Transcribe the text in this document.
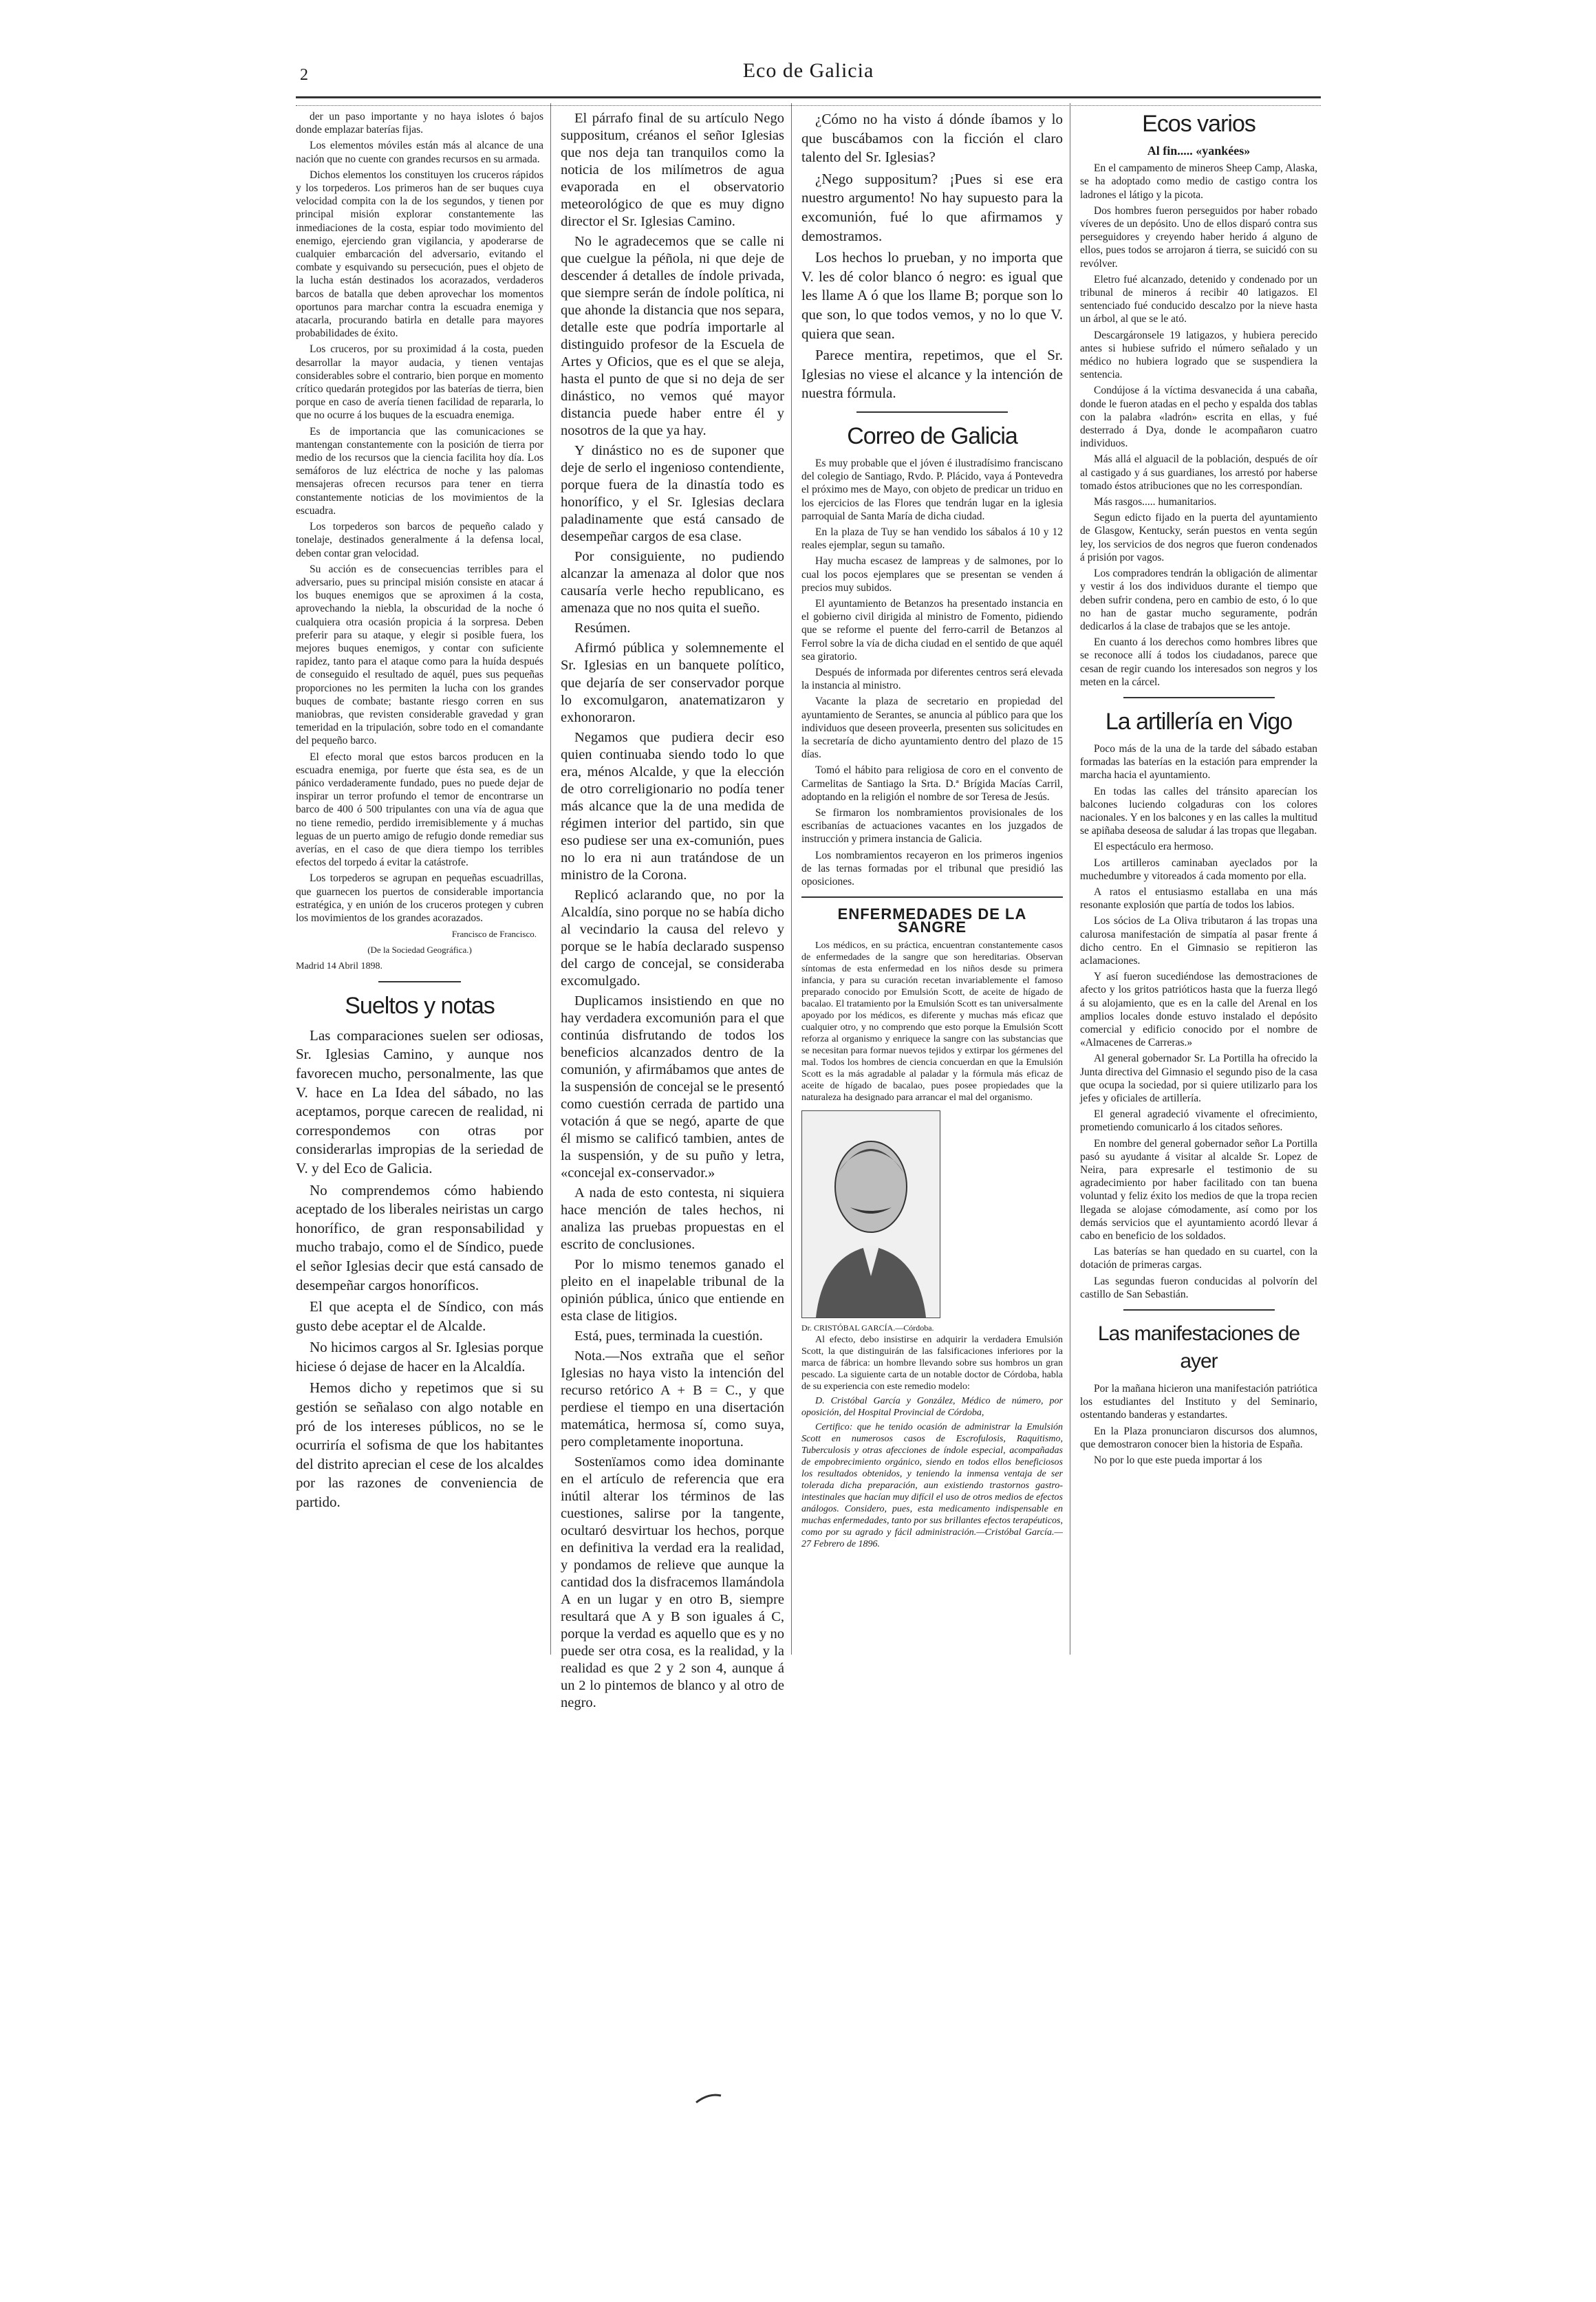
2	Eco de Galicia

der un paso importante y no haya islotes ó bajos donde emplazar baterías fijas.

Los elementos móviles están más al alcance de una nación que no cuente con grandes recursos en su armada.

Dichos elementos los constituyen los cruceros rápidos y los torpederos. Los primeros han de ser buques cuya velocidad compita con la de los segundos, y tienen por principal misión explorar constantemente las inmediaciones de la costa, espiar todo movimiento del enemigo, ejerciendo gran vigilancia, y apoderarse de cualquier embarcación del adversario, evitando el combate y esquivando su persecución, pues el objeto de la lucha están destinados los acorazados, verdaderos barcos de batalla que deben aprovechar los momentos oportunos para marchar contra la escuadra enemiga y atacarla, procurando batirla en detalle para mayores probabilidades de éxito.

Los cruceros, por su proximidad á la costa, pueden desarrollar la mayor audacia, y tienen ventajas considerables sobre el contrario, bien porque en momento crítico quedarán protegidos por las baterías de tierra, bien porque en caso de avería tienen facilidad de repararla, lo que no ocurre á los buques de la escuadra enemiga.

Es de importancia que las comunicaciones se mantengan constantemente con la posición de tierra por medio de los recursos que la ciencia facilita hoy día. Los semáforos de luz eléctrica de noche y las palomas mensajeras ofrecen recursos para tener en tierra constantemente noticias de los movimientos de la escuadra.

Los torpederos son barcos de pequeño calado y tonelaje, destinados generalmente á la defensa local, deben contar gran velocidad.

Su acción es de consecuencias terribles para el adversario, pues su principal misión consiste en atacar á los buques enemigos que se aproximen á la costa, aprovechando la niebla, la obscuridad de la noche ó cualquiera otra ocasión propicia á la sorpresa. Deben preferir para su ataque, y elegir si posible fuera, los mejores buques enemigos, y contar con suficiente rapidez, tanto para el ataque como para la huída después de conseguido el resultado de aquél, pues sus pequeñas proporciones no les permiten la lucha con los grandes buques de combate; bastante riesgo corren en sus maniobras, que revisten considerable gravedad y gran temeridad en la tripulación, sobre todo en el comandante del pequeño barco.

El efecto moral que estos barcos producen en la escuadra enemiga, por fuerte que ésta sea, es de un pánico verdaderamente fundado, pues no puede dejar de inspirar un terror profundo el temor de encontrarse un barco de 400 ó 500 tripulantes con una vía de agua que no tiene remedio, perdido irremisiblemente y á muchas leguas de un puerto amigo de refugio donde remediar sus averías, en el caso de que diera tiempo los terribles efectos del torpedo á evitar la catástrofe.

Los torpederos se agrupan en pequeñas escuadrillas, que guarnecen los puertos de considerable importancia estratégica, y en unión de los cruceros protegen y cubren los movimientos de los grandes acorazados.

Francisco de Francisco.
(De la Sociedad Geográfica.)
Madrid 14 Abril 1898.
Sueltos y notas

Las comparaciones suelen ser odiosas, Sr. Iglesias Camino, y aunque nos favorecen mucho, personalmente, las que V. hace en La Idea del sábado, no las aceptamos, porque carecen de realidad, ni correspondemos con otras por considerarlas impropias de la seriedad de V. y del Eco de Galicia.

No comprendemos cómo habiendo aceptado de los liberales neiristas un cargo honorífico, de gran responsabilidad y mucho trabajo, como el de Síndico, puede el señor Iglesias decir que está cansado de desempeñar cargos honoríficos.

El que acepta el de Síndico, con más gusto debe aceptar el de Alcalde.

No hicimos cargos al Sr. Iglesias porque hiciese ó dejase de hacer en la Alcaldía.

Hemos dicho y repetimos que si su gestión se señalaso con algo notable en pró de los intereses públicos, no se le ocurriría el sofisma de que los habitantes del distrito aprecian el cese de los alcaldes por las razones de conveniencia de partido.

El párrafo final de su artículo Nego suppositum, créanos el señor Iglesias que nos deja tan tranquilos como la noticia de los milímetros de agua evaporada en el observatorio meteorológico de que es muy digno director el Sr. Iglesias Camino.

No le agradecemos que se calle ni que cuelgue la péñola, ni que deje de descender á detalles de índole privada, que siempre serán de índole política, ni que ahonde la distancia que nos separa, detalle este que podría importarle al distinguido profesor de la Escuela de Artes y Oficios, que es el que se aleja, hasta el punto de que si no deja de ser dinástico, no vemos qué mayor distancia puede haber entre él y nosotros de la que ya hay.

Y dinástico no es de suponer que deje de serlo el ingenioso contendiente, porque fuera de la dinastía todo es honorífico, y el Sr. Iglesias declara paladinamente que está cansado de desempeñar cargos de esa clase.

Por consiguiente, no pudiendo alcanzar la amenaza al dolor que nos causaría verle hecho republicano, es amenaza que no nos quita el sueño.

Resúmen.

Afirmó pública y solemnemente el Sr. Iglesias en un banquete político, que dejaría de ser conservador porque lo excomulgaron, anatematizaron y exhonoraron.

Negamos que pudiera decir eso quien continuaba siendo todo lo que era, ménos Alcalde, y que la elección de otro correligionario no podía tener más alcance que la de una medida de régimen interior del partido, sin que eso pudiese ser una ex-comunión, pues no lo era ni aun tratándose de un ministro de la Corona.

Replicó aclarando que, no por la Alcaldía, sino porque no se había dicho al vecindario la causa del relevo y porque se le había declarado suspenso del cargo de concejal, se consideraba excomulgado.

Duplicamos insistiendo en que no hay verdadera excomunión para el que continúa disfrutando de todos los beneficios alcanzados dentro de la comunión, y afirmábamos que antes de la suspensión de concejal se le presentó como cuestión cerrada de partido una votación á que se negó, aparte de que él mismo se calificó tambien, antes de la suspensión, y de su puño y letra, «concejal ex-conservador.»

A nada de esto contesta, ni siquiera hace mención de tales hechos, ni analiza las pruebas propuestas en el escrito de conclusiones.

Por lo mismo tenemos ganado el pleito en el inapelable tribunal de la opinión pública, único que entiende en esta clase de litigios.

Está, pues, terminada la cuestión.

Nota.—Nos extraña que el señor Iglesias no haya visto la intención del recurso retórico A + B = C., y que perdiese el tiempo en una disertación matemática, hermosa sí, como suya, pero completamente inoportuna.

Sostenïamos como idea dominante en el artículo de referencia que era inútil alterar los términos de las cuestiones, salirse por la tangente, ocultaró desvirtuar los hechos, porque en definitiva la verdad era la realidad, y pondamos de relieve que aunque la cantidad dos la disfracemos llamándola A en un lugar y en otro B, siempre resultará que A y B son iguales á C, porque la verdad es aquello que es y no puede ser otra cosa, es la realidad, y la realidad es que 2 y 2 son 4, aunque á un 2 lo pintemos de blanco y al otro de negro.

¿Cómo no ha visto á dónde íbamos y lo que buscábamos con la ficción el claro talento del Sr. Iglesias?

¿Nego suppositum? ¡Pues si ese era nuestro argumento! No hay supuesto para la excomunión, fué lo que afirmamos y demostramos.

Los hechos lo prueban, y no importa que V. les dé color blanco ó negro: es igual que les llame A ó que los llame B; porque son lo que son, lo que todos vemos, y no lo que V. quiera que sean.

Parece mentira, repetimos, que el Sr. Iglesias no viese el alcance y la intención de nuestra fórmula.

Correo de Galicia

Es muy probable que el jóven é ilustradísimo franciscano del colegio de Santiago, Rvdo. P. Plácido, vaya á Pontevedra el próximo mes de Mayo, con objeto de predicar un triduo en los ejercicios de las Flores que tendrán lugar en la iglesia parroquial de Santa María de dicha ciudad.

En la plaza de Tuy se han vendido los sábalos á 10 y 12 reales ejemplar, segun su tamaño.

Hay mucha escasez de lampreas y de salmones, por lo cual los pocos ejemplares que se presentan se venden á precios muy subidos.

El ayuntamiento de Betanzos ha presentado instancia en el gobierno civil dirigida al ministro de Fomento, pidiendo que se reforme el puente del ferro-carril de Betanzos al Ferrol sobre la vía de dicha ciudad en el sentido de que aquél sea giratorio.

Después de informada por diferentes centros será elevada la instancia al ministro.

Vacante la plaza de secretario en propiedad del ayuntamiento de Serantes, se anuncia al público para que los individuos que deseen proveerla, presenten sus solicitudes en la secretaría de dicho ayuntamiento dentro del plazo de 15 días.

Tomó el hábito para religiosa de coro en el convento de Carmelitas de Santiago la Srta. D.ª Brígida Macías Carril, adoptando en la religión el nombre de sor Teresa de Jesús.

Se firmaron los nombramientos provisionales de los escribanías de actuaciones vacantes en los juzgados de instrucción y primera instancia de Galicia.

Los nombramientos recayeron en los primeros ingenios de las ternas formadas por el tribunal que presidió las oposiciones.

ENFERMEDADES DE LA SANGRE

Los médicos, en su práctica, encuentran constantemente casos de enfermedades de la sangre que son hereditarias. Observan síntomas de esta enfermedad en los niños desde su primera infancia, y para su curación recetan invariablemente el famoso preparado conocido por Emulsión Scott, de aceite de hígado de bacalao. El tratamiento por la Emulsión Scott es tan universalmente apoyado por los médicos, es diferente y muchas más eficaz que cualquier otro, y no comprendo que esto porque la Emulsión Scott reforza al organismo y enriquece la sangre con las substancias que se necesitan para formar nuevos tejidos y extirpar los gérmenes del mal. Todos los hombres de ciencia concuerdan en que la Emulsión Scott es la más agradable al paladar y la fórmula más eficaz de aceite de hígado de bacalao, pues posee propiedades que la naturaleza ha designado para arrancar el mal del organismo.

Dr. CRISTÓBAL GARCÍA.—Córdoba.

Al efecto, debo insistirse en adquirir la verdadera Emulsión Scott, la que distinguirán de las falsificaciones inferiores por la marca de fábrica: un hombre llevando sobre sus hombros un gran pescado. La siguiente carta de un notable doctor de Córdoba, habla de su experiencia con este remedio modelo:

D. Cristóbal García y González, Médico de número, por oposición, del Hospital Provincial de Córdoba,

Certifico: que he tenido ocasión de administrar la Emulsión Scott en numerosos casos de Escrofulosis, Raquitismo, Tuberculosis y otras afecciones de índole especial, acompañadas de empobrecimiento orgánico, siendo en todos ellos beneficiosos los resultados obtenidos, y teniendo la inmensa ventaja de ser tolerada dicha preparación, aun existiendo trastornos gastro-intestinales que hacían muy difícil el uso de otros medios de efectos análogos. Considero, pues, esta medicamento indispensable en muchas enfermedades, tanto por sus brillantes efectos terapéuticos, como por su agrado y fácil administración.—Cristóbal García.—27 Febrero de 1896.

Ecos varios
Al fin..... «yankées»

En el campamento de mineros Sheep Camp, Alaska, se ha adoptado como medio de castigo contra los ladrones el látigo y la picota.

Dos hombres fueron perseguidos por haber robado víveres de un depósito. Uno de ellos disparó contra sus perseguidores y creyendo haber herido á alguno de ellos, pues todos se arrojaron á tierra, se suicidó con su revólver.

Eletro fué alcanzado, detenido y condenado por un tribunal de mineros á recibir 40 latigazos. El sentenciado fué conducido descalzo por la nieve hasta un árbol, al que se le ató.

Descargáronsele 19 latigazos, y hubiera perecido antes si hubiese sufrido el número señalado y un médico no hubiera logrado que se suspendiera la sentencia.

Condújose á la víctima desvanecida á una cabaña, donde le fueron atadas en el pecho y espalda dos tablas con la palabra «ladrón» escrita en ellas, y fué desterrado á Dya, donde le acompañaron cuatro individuos.

Más allá el alguacil de la población, después de oír al castigado y á sus guardianes, los arrestó por haberse tomado éstos atribuciones que no les correspondían.

Más rasgos..... humanitarios.

Segun edicto fijado en la puerta del ayuntamiento de Glasgow, Kentucky, serán puestos en venta según ley, los servicios de dos negros que fueron condenados á prisión por vagos.

Los compradores tendrán la obligación de alimentar y vestir á los dos individuos durante el tiempo que deben sufrir condena, pero en cambio de esto, ó lo que no han de gastar mucho seguramente, podrán dedicarlos á la clase de trabajos que se les antoje.

En cuanto á los derechos como hombres libres que se reconoce allí á todos los ciudadanos, parece que cesan de regir cuando los interesados son negros y los meten en la cárcel.

La artillería en Vigo

Poco más de la una de la tarde del sábado estaban formadas las baterías en la estación para emprender la marcha hacia el ayuntamiento.

En todas las calles del tránsito aparecían los balcones luciendo colgaduras con los colores nacionales. Y en los balcones y en las calles la multitud se apiñaba deseosa de saludar á las tropas que llegaban.

El espectáculo era hermoso.

Los artilleros caminaban ayeclados por la muchedumbre y vitoreados á cada momento por ella.

A ratos el entusiasmo estallaba en una más resonante explosión que partía de todos los labios.

Los sócios de La Oliva tributaron á las tropas una calurosa manifestación de simpatía al pasar frente á dicho centro. En el Gimnasio se repitieron las aclamaciones.

Y así fueron sucediéndose las demostraciones de afecto y los gritos patrióticos hasta que la fuerza llegó á su alojamiento, que es en la calle del Arenal en los amplios locales donde estuvo instalado el depósito comercial y edificio conocido por el nombre de «Almacenes de Carreras.»

Al general gobernador Sr. La Portilla ha ofrecido la Junta directiva del Gimnasio el segundo piso de la casa que ocupa la sociedad, por si quiere utilizarlo para los jefes y oficiales de artillería.

El general agradeció vivamente el ofrecimiento, prometiendo comunicarlo á los citados señores.

En nombre del general gobernador señor La Portilla pasó su ayudante á visitar al alcalde Sr. Lopez de Neira, para expresarle el testimonio de su agradecimiento por haber facilitado con tan buena voluntad y feliz éxito los medios de que la tropa recien llegada se alojase cómodamente, así como por los demás servicios que el ayuntamiento acordó llevar á cabo en beneficio de los soldados.

Las baterías se han quedado en su cuartel, con la dotación de primeras cargas.

Las segundas fueron conducidas al polvorín del castillo de San Sebastián.

Las manifestaciones de ayer

Por la mañana hicieron una manifestación patriótica los estudiantes del Instituto y del Seminario, ostentando banderas y estandartes.

En la Plaza pronunciaron discursos dos alumnos, que demostraron conocer bien la historia de España.

No por lo que este pueda importar á los
